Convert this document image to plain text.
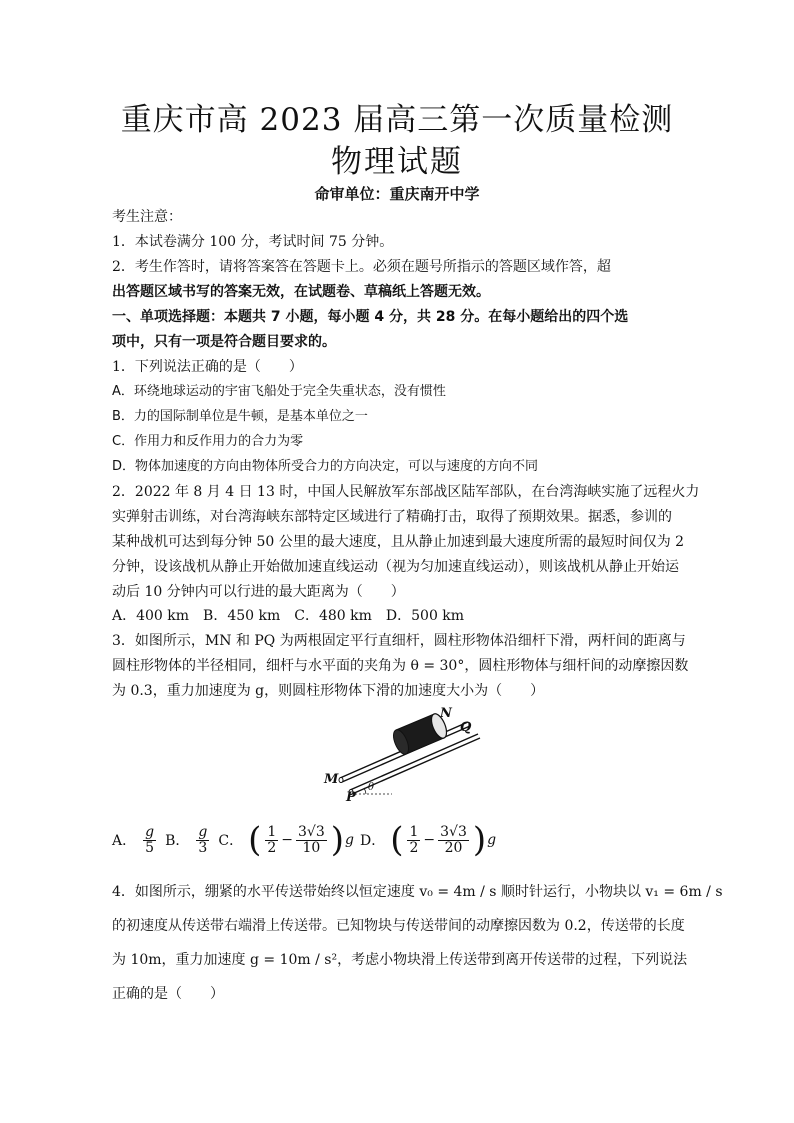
重庆市高 2023 届高三第一次质量检测
物理试题
命审单位：重庆南开中学
考生注意：
1．本试卷满分 100 分，考试时间 75 分钟。
2．考生作答时，请将答案答在答题卡上。必须在题号所指示的答题区域作答，超
出答题区域书写的答案无效，在试题卷、草稿纸上答题无效。
一、单项选择题：本题共 7 小题，每小题 4 分，共 28 分。在每小题给出的四个选
项中，只有一项是符合题目要求的。
1．下列说法正确的是（　　）
A．环绕地球运动的宇宙飞船处于完全失重状态，没有惯性
B．力的国际制单位是牛顿，是基本单位之一
C．作用力和反作用力的合力为零
D．物体加速度的方向由物体所受合力的方向决定，可以与速度的方向不同
2．2022 年 8 月 4 日 13 时，中国人民解放军东部战区陆军部队，在台湾海峡实施了远程火力
实弹射击训练，对台湾海峡东部特定区域进行了精确打击，取得了预期效果。据悉，参训的
某种战机可达到每分钟 50 公里的最大速度，且从静止加速到最大速度所需的最短时间仅为 2
分钟，设该战机从静止开始做加速直线运动（视为匀加速直线运动），则该战机从静止开始运
动后 10 分钟内可以行进的最大距离为（　　）
A．400 km　B．450 km　C．480 km　D．500 km
3．如图所示，MN 和 PQ 为两根固定平行直细杆，圆柱形物体沿细杆下滑，两杆间的距离与
圆柱形物体的半径相同，细杆与水平面的夹角为 θ = 30°，圆柱形物体与细杆间的动摩擦因数
为 0.3，重力加速度为 g，则圆柱形物体下滑的加速度大小为（　　）
N
Q
M
P
θ
A． $\frac{g}{5}$ B． $\frac{g}{3}$ C． ( $\frac{1}{2} - \frac{3√3}{10}$ ) g D． ( $\frac{1}{2} - \frac{3√3}{20}$ ) g
4．如图所示，绷紧的水平传送带始终以恒定速度 v₀ = 4m / s 顺时针运行，小物块以 v₁ = 6m / s
的初速度从传送带右端滑上传送带。已知物块与传送带间的动摩擦因数为 0.2，传送带的长度
为 10m，重力加速度 g = 10m / s²，考虑小物块滑上传送带到离开传送带的过程，下列说法
正确的是（　　）
